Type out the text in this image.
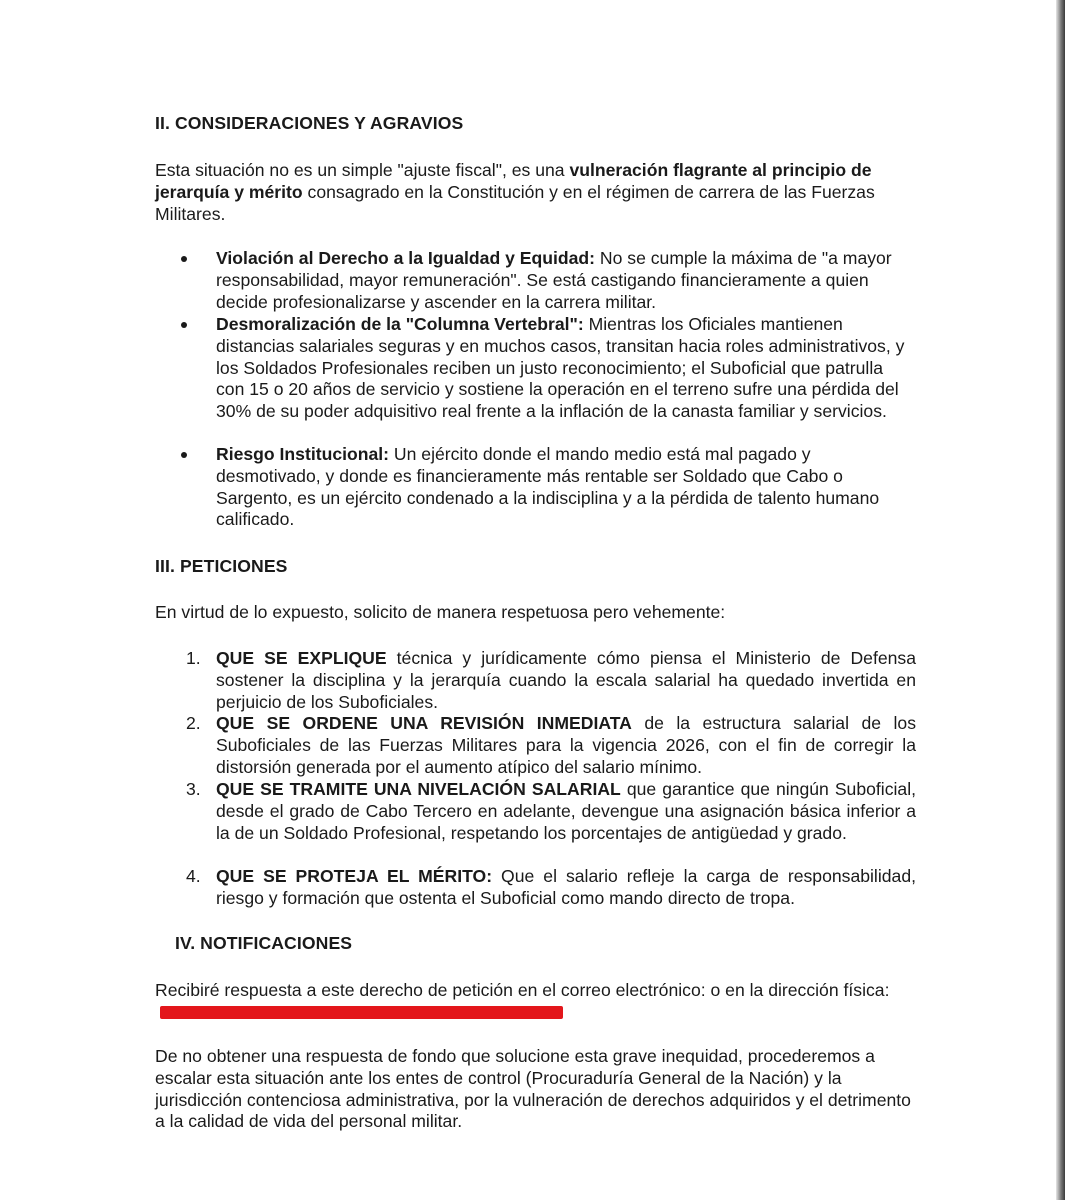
II. CONSIDERACIONES Y AGRAVIOS

Esta situación no es un simple "ajuste fiscal", es una vulneración flagrante al principio de jerarquía y mérito consagrado en la Constitución y en el régimen de carrera de las Fuerzas Militares.

Violación al Derecho a la Igualdad y Equidad: No se cumple la máxima de "a mayor responsabilidad, mayor remuneración". Se está castigando financieramente a quien decide profesionalizarse y ascender en la carrera militar.
Desmoralización de la "Columna Vertebral": Mientras los Oficiales mantienen distancias salariales seguras y en muchos casos, transitan hacia roles administrativos, y los Soldados Profesionales reciben un justo reconocimiento; el Suboficial que patrulla con 15 o 20 años de servicio y sostiene la operación en el terreno sufre una pérdida del 30% de su poder adquisitivo real frente a la inflación de la canasta familiar y servicios.
Riesgo Institucional: Un ejército donde el mando medio está mal pagado y desmotivado, y donde es financieramente más rentable ser Soldado que Cabo o Sargento, es un ejército condenado a la indisciplina y a la pérdida de talento humano calificado.
III. PETICIONES

En virtud de lo expuesto, solicito de manera respetuosa pero vehemente:

1. QUE SE EXPLIQUE técnica y jurídicamente cómo piensa el Ministerio de Defensa sostener la disciplina y la jerarquía cuando la escala salarial ha quedado invertida en perjuicio de los Suboficiales.
2. QUE SE ORDENE UNA REVISIÓN INMEDIATA de la estructura salarial de los Suboficiales de las Fuerzas Militares para la vigencia 2026, con el fin de corregir la distorsión generada por el aumento atípico del salario mínimo.
3. QUE SE TRAMITE UNA NIVELACIÓN SALARIAL que garantice que ningún Suboficial, desde el grado de Cabo Tercero en adelante, devengue una asignación básica inferior a la de un Soldado Profesional, respetando los porcentajes de antigüedad y grado.
4. QUE SE PROTEJA EL MÉRITO: Que el salario refleje la carga de responsabilidad, riesgo y formación que ostenta el Suboficial como mando directo de tropa.
IV. NOTIFICACIONES

Recibiré respuesta a este derecho de petición en el correo electrónico: o en la dirección física:

De no obtener una respuesta de fondo que solucione esta grave inequidad, procederemos a escalar esta situación ante los entes de control (Procuraduría General de la Nación) y la jurisdicción contenciosa administrativa, por la vulneración de derechos adquiridos y el detrimento a la calidad de vida del personal militar.
